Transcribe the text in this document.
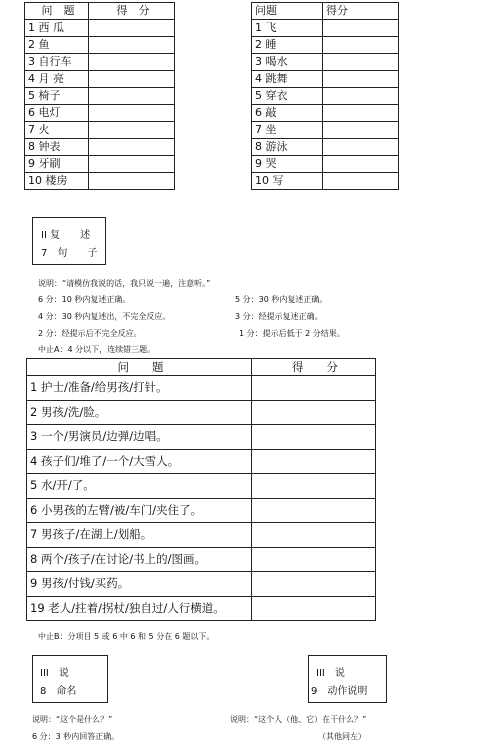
问　题	得　分
1 西 瓜	
2 鱼	
3 自行车	
4 月 亮	
5 椅子	
6 电灯	
7 火	
8 钟表	
9 牙刷	
10 楼房	
问题	得分
1 飞	
2 睡	
3 喝水	
4 跳舞	
5 穿衣	
6 敲	
7 坐	
8 游泳	
9 哭	
10 写	
II 复　　述
7　句　　子
说明：“请模仿我说的话，我只说一遍，注意听。”
6 分：10 秒内复述正确。	5 分：30 秒内复述正确。
4 分：30 秒内复述出，不完全反应。	3 分：经提示复述正确。
2 分：经提示后不完全反应。	1 分：提示后低于 2 分结果。
中止A：4 分以下，连续错三题。
问　　题	得　　分
1 护士/准备/给男孩/打针。	
2 男孩/洗/脸。	
3 一个/男演员/边弹/边唱。	
4 孩子们/堆了/一个/大雪人。	
5 水/开/了。	
6 小男孩的左臂/被/车门/夹住了。	
7 男孩子/在湖上/划船。	
8 两个/孩子/在讨论/书上的/图画。	
9 男孩/付钱/买药。	
19 老人/拄着/拐杖/独自过/人行横道。	
中止B：分项目 5 或 6 中 6 和 5 分在 6 题以下。
III　说
8　命名
III　说
9　动作说明
说明：“这个是什么？”	说明：“这个人（他、它）在干什么？”
6 分：3 秒内回答正确。	（其他同左）
